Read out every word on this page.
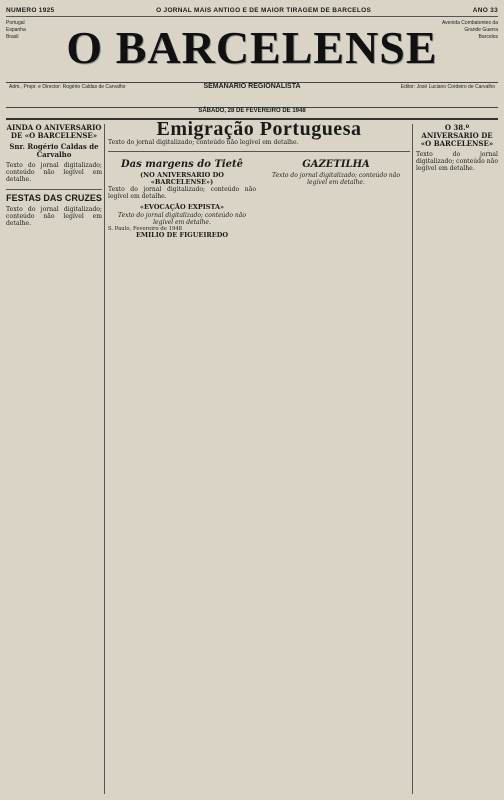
NUMERO 1925	O JORNAL MAIS ANTIGO E DE MAIOR TIRAGEM DE BARCELOS	ANO 33
Portugal
Espanha
Brasil	O BARCELENSE Avenida Combatentes da Grande Guerra
Barcelos
Adm., Propr. e Director: Rogério Caldas de Carvalho	SEMANARIO REGIONALISTA	Editor: José Luciano Cordeiro de Carvalho
SÁBADO, 28 DE FEVEREIRO DE 1948
AINDA O ANIVERSARIO DE «O BARCELENSE»
Snr. Rogério Caldas de Carvalho
Texto do jornal digitalizado; conteúdo não legível em detalhe.
FESTAS DAS CRUZES
Texto do jornal digitalizado; conteúdo não legível em detalhe.
Emigração Portuguesa
Texto do jornal digitalizado; conteúdo não legível em detalhe.
Das margens do Tietê
(NO ANIVERSARIO DO «BARCELENSE»)
Texto do jornal digitalizado; conteúdo não legível em detalhe.
«EVOCAÇÃO EXPISTA»
Texto do jornal digitalizado; conteúdo não legível em detalhe.
S. Paulo, Fevereiro de 1948
EMILIO DE FIGUEIREDO
GAZETILHA
Texto do jornal digitalizado; conteúdo não legível em detalhe.
O 38.º ANIVERSARIO DE «O BARCELENSE»
Texto do jornal digitalizado; conteúdo não legível em detalhe.
